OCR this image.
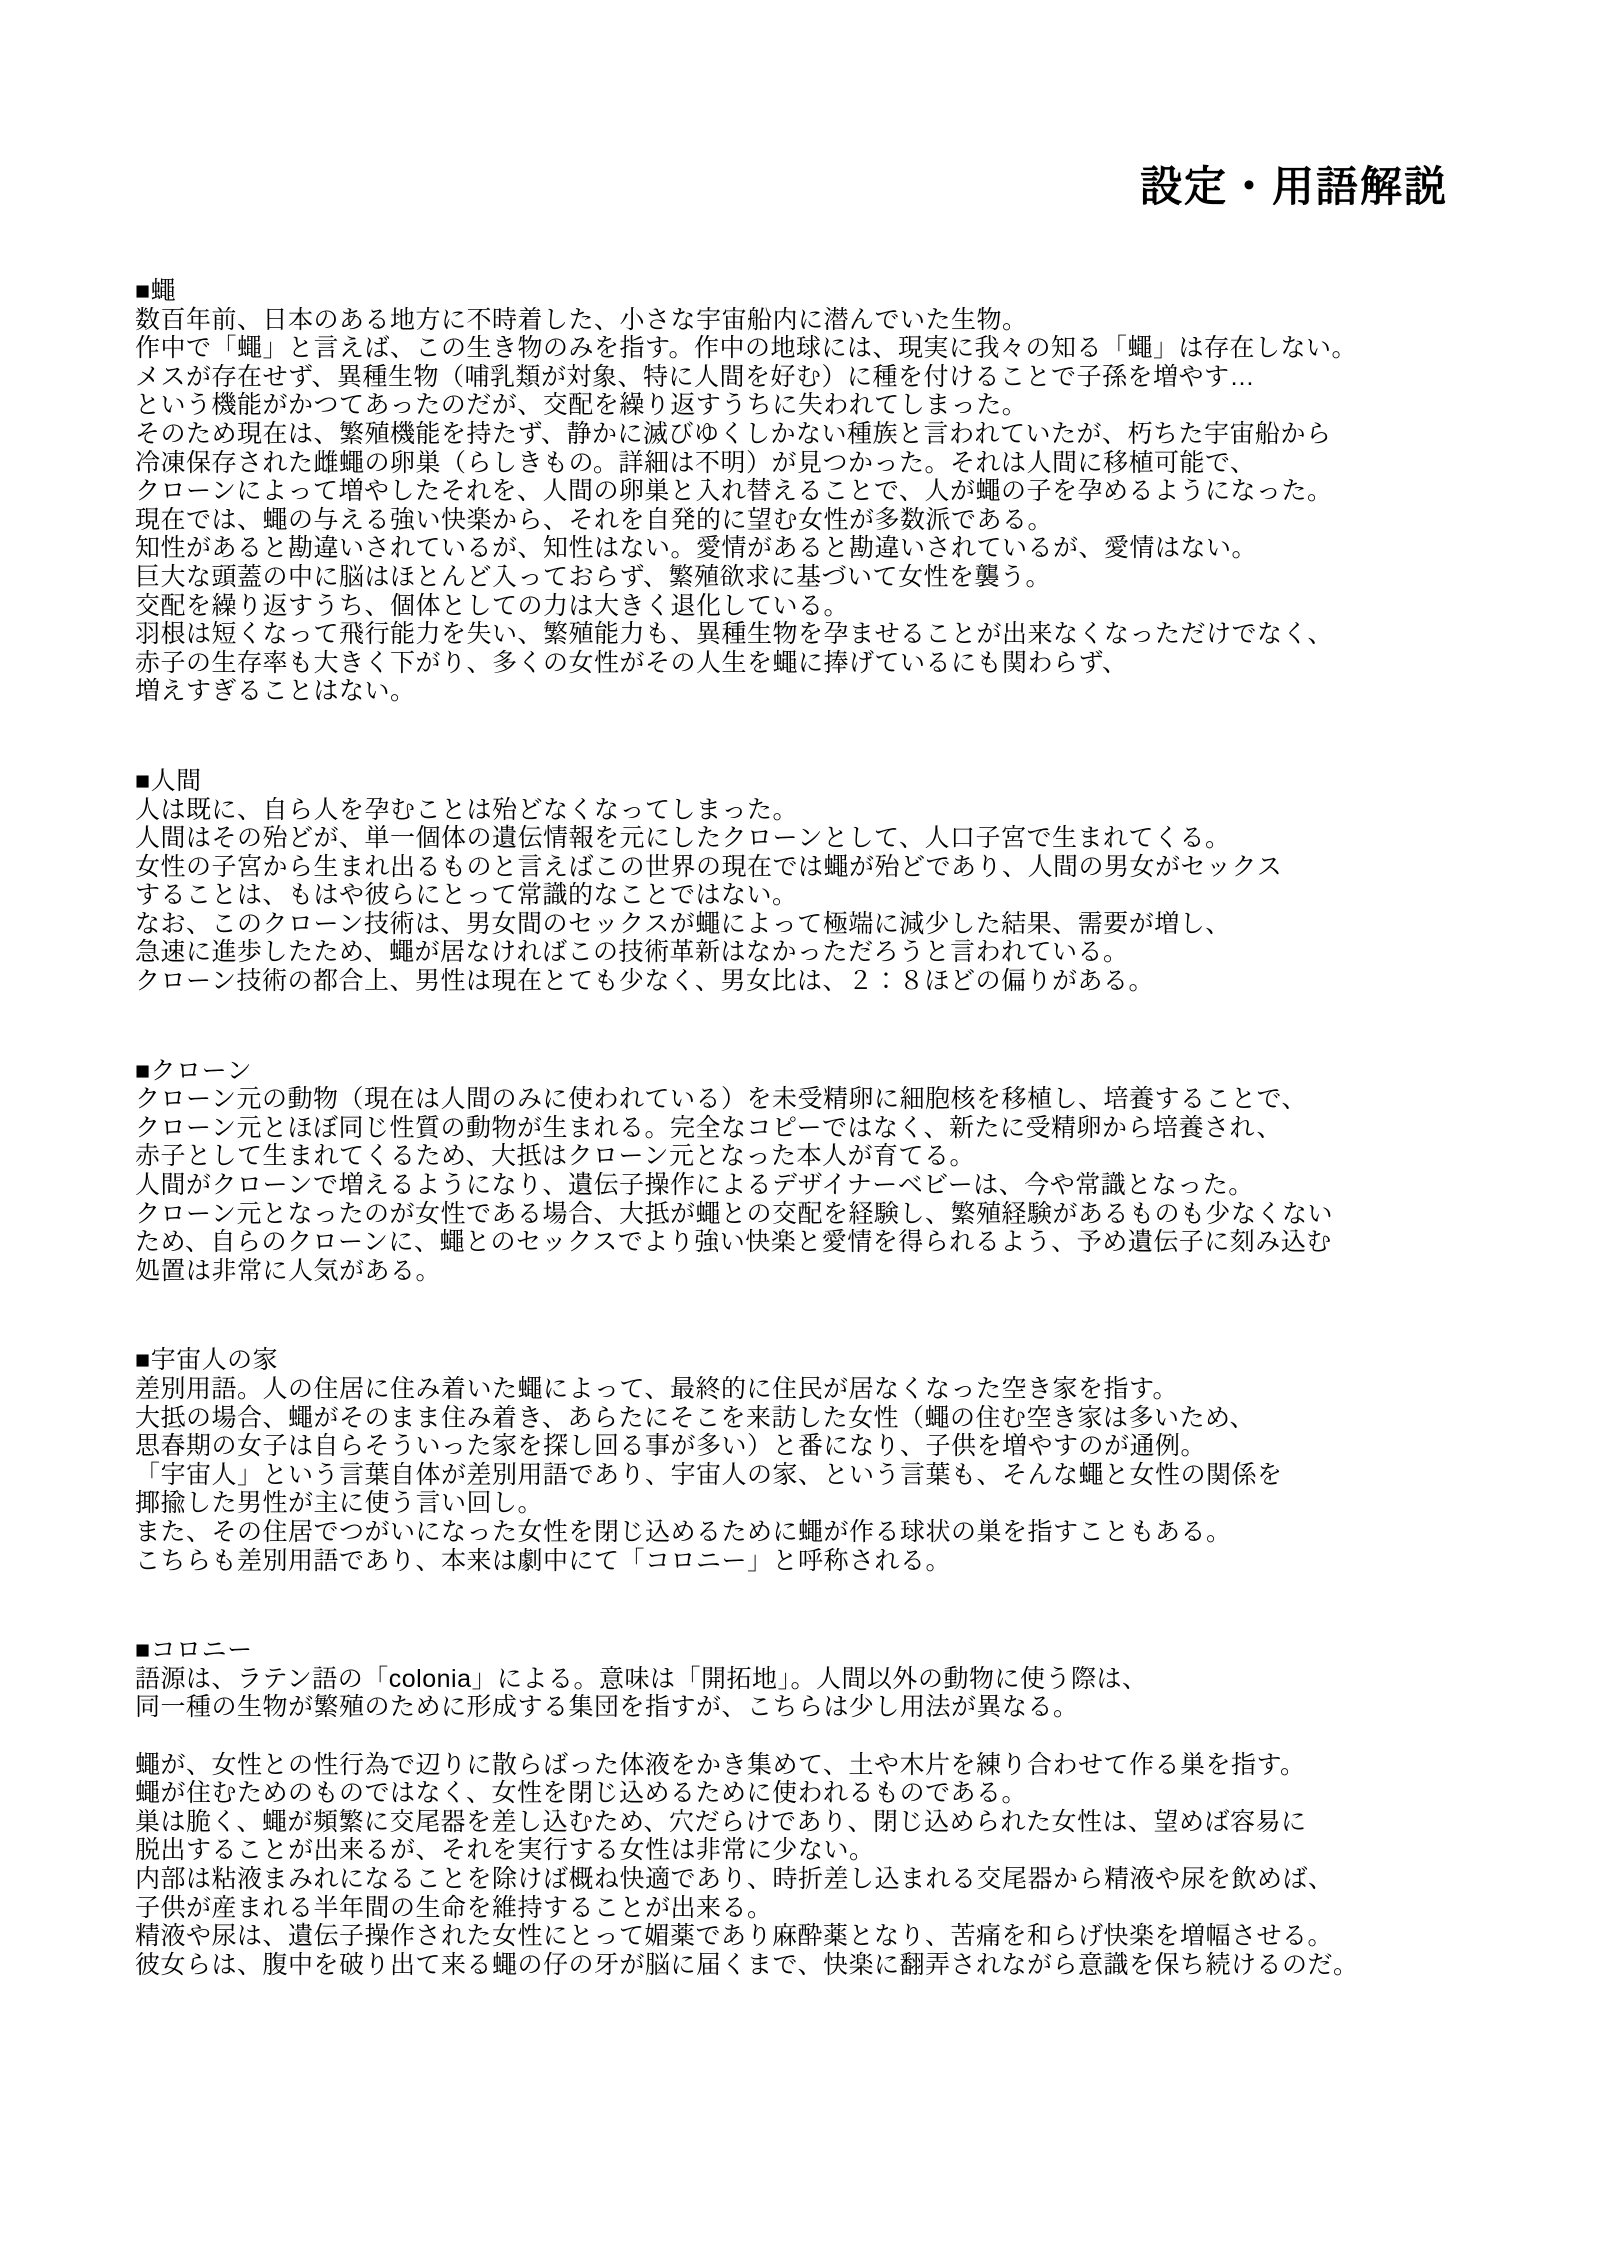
設定・用語解説
■蠅
数百年前、日本のある地方に不時着した、小さな宇宙船内に潜んでいた生物。
作中で「蠅」と言えば、この生き物のみを指す。作中の地球には、現実に我々の知る「蠅」は存在しない。
メスが存在せず、異種生物（哺乳類が対象、特に人間を好む）に種を付けることで子孫を増やす…
という機能がかつてあったのだが、交配を繰り返すうちに失われてしまった。
そのため現在は、繁殖機能を持たず、静かに滅びゆくしかない種族と言われていたが、朽ちた宇宙船から
冷凍保存された雌蠅の卵巣（らしきもの。詳細は不明）が見つかった。それは人間に移植可能で、
クローンによって増やしたそれを、人間の卵巣と入れ替えることで、人が蠅の子を孕めるようになった。
現在では、蠅の与える強い快楽から、それを自発的に望む女性が多数派である。
知性があると勘違いされているが、知性はない。愛情があると勘違いされているが、愛情はない。
巨大な頭蓋の中に脳はほとんど入っておらず、繁殖欲求に基づいて女性を襲う。
交配を繰り返すうち、個体としての力は大きく退化している。
羽根は短くなって飛行能力を失い、繁殖能力も、異種生物を孕ませることが出来なくなっただけでなく、
赤子の生存率も大きく下がり、多くの女性がその人生を蠅に捧げているにも関わらず、
増えすぎることはない。
■人間
人は既に、自ら人を孕むことは殆どなくなってしまった。
人間はその殆どが、単一個体の遺伝情報を元にしたクローンとして、人口子宮で生まれてくる。
女性の子宮から生まれ出るものと言えばこの世界の現在では蠅が殆どであり、人間の男女がセックス
することは、もはや彼らにとって常識的なことではない。
なお、このクローン技術は、男女間のセックスが蠅によって極端に減少した結果、需要が増し、
急速に進歩したため、蠅が居なければこの技術革新はなかっただろうと言われている。
クローン技術の都合上、男性は現在とても少なく、男女比は、２：８ほどの偏りがある。
■クローン
クローン元の動物（現在は人間のみに使われている）を未受精卵に細胞核を移植し、培養することで、
クローン元とほぼ同じ性質の動物が生まれる。完全なコピーではなく、新たに受精卵から培養され、
赤子として生まれてくるため、大抵はクローン元となった本人が育てる。
人間がクローンで増えるようになり、遺伝子操作によるデザイナーベビーは、今や常識となった。
クローン元となったのが女性である場合、大抵が蠅との交配を経験し、繁殖経験があるものも少なくない
ため、自らのクローンに、蠅とのセックスでより強い快楽と愛情を得られるよう、予め遺伝子に刻み込む
処置は非常に人気がある。
■宇宙人の家
差別用語。人の住居に住み着いた蠅によって、最終的に住民が居なくなった空き家を指す。
大抵の場合、蠅がそのまま住み着き、あらたにそこを来訪した女性（蠅の住む空き家は多いため、
思春期の女子は自らそういった家を探し回る事が多い）と番になり、子供を増やすのが通例。
「宇宙人」という言葉自体が差別用語であり、宇宙人の家、という言葉も、そんな蠅と女性の関係を
揶揄した男性が主に使う言い回し。
また、その住居でつがいになった女性を閉じ込めるために蠅が作る球状の巣を指すこともある。
こちらも差別用語であり、本来は劇中にて「コロニー」と呼称される。
■コロニー
語源は、ラテン語の「colonia」による。意味は「開拓地」。人間以外の動物に使う際は、
同一種の生物が繁殖のために形成する集団を指すが、こちらは少し用法が異なる。
蠅が、女性との性行為で辺りに散らばった体液をかき集めて、土や木片を練り合わせて作る巣を指す。
蠅が住むためのものではなく、女性を閉じ込めるために使われるものである。
巣は脆く、蠅が頻繁に交尾器を差し込むため、穴だらけであり、閉じ込められた女性は、望めば容易に
脱出することが出来るが、それを実行する女性は非常に少ない。
内部は粘液まみれになることを除けば概ね快適であり、時折差し込まれる交尾器から精液や尿を飲めば、
子供が産まれる半年間の生命を維持することが出来る。
精液や尿は、遺伝子操作された女性にとって媚薬であり麻酔薬となり、苦痛を和らげ快楽を増幅させる。
彼女らは、腹中を破り出て来る蠅の仔の牙が脳に届くまで、快楽に翻弄されながら意識を保ち続けるのだ。
